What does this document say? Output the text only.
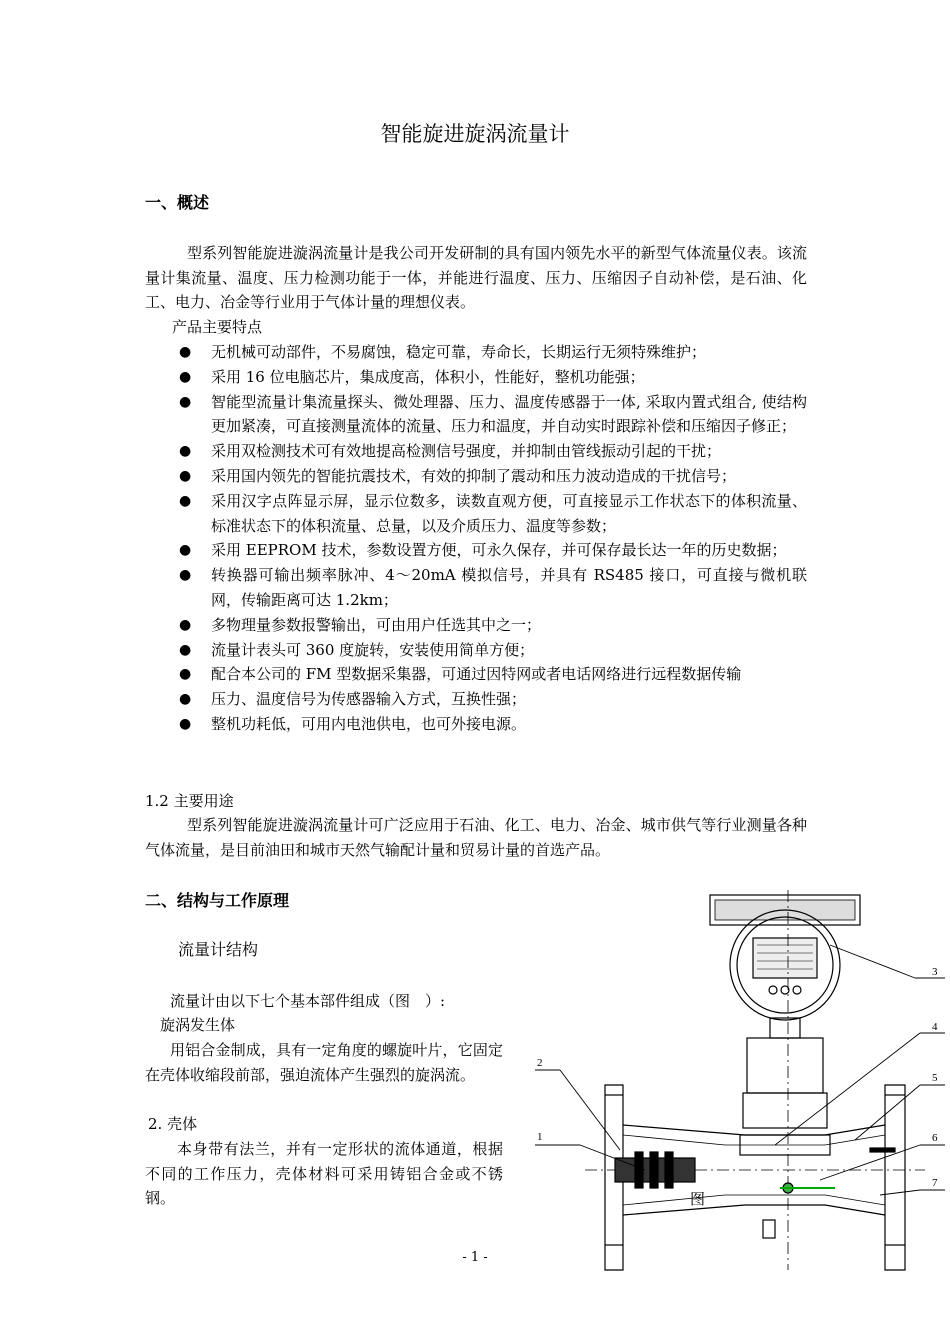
智能旋进旋涡流量计
一、概述

型系列智能旋进漩涡流量计是我公司开发研制的具有国内领先水平的新型气体流量仪表。该流量计集流量、温度、压力检测功能于一体，并能进行温度、压力、压缩因子自动补偿，是石油、化工、电力、冶金等行业用于气体计量的理想仪表。

产品主要特点
● 无机械可动部件，不易腐蚀，稳定可靠，寿命长，长期运行无须特殊维护；
● 采用 16 位电脑芯片，集成度高，体积小，性能好，整机功能强；
● 智能型流量计集流量探头、微处理器、压力、温度传感器于一体, 采取内置式组合, 使结构更加紧凑，可直接测量流体的流量、压力和温度，并自动实时跟踪补偿和压缩因子修正；
● 采用双检测技术可有效地提高检测信号强度，并抑制由管线振动引起的干扰；
● 采用国内领先的智能抗震技术，有效的抑制了震动和压力波动造成的干扰信号；
● 采用汉字点阵显示屏，显示位数多，读数直观方便，可直接显示工作状态下的体积流量、标准状态下的体积流量、总量，以及介质压力、温度等参数；
● 采用 EEPROM 技术，参数设置方便，可永久保存，并可保存最长达一年的历史数据；
● 转换器可输出频率脉冲、4～20mA 模拟信号，并具有 RS485 接口，可直接与微机联网，传输距离可达 1.2km；
● 多物理量参数报警输出，可由用户任选其中之一；
● 流量计表头可 360 度旋转，安装使用简单方便；
● 配合本公司的 FM 型数据采集器，可通过因特网或者电话网络进行远程数据传输
● 压力、温度信号为传感器输入方式，互换性强；
● 整机功耗低，可用内电池供电，也可外接电源。
1.2 主要用途

型系列智能旋进漩涡流量计可广泛应用于石油、化工、电力、冶金、城市供气等行业测量各种气体流量，是目前油田和城市天然气输配计量和贸易计量的首选产品。

二、结构与工作原理
流量计结构
流量计由以下七个基本部件组成（图　）:
旋涡发生体

用铝合金制成，具有一定角度的螺旋叶片，它固定在壳体收缩段前部，强迫流体产生强烈的旋涡流。

2. 壳体

本身带有法兰，并有一定形状的流体通道，根据不同的工作压力，壳体材料可采用铸铝合金或不锈钢。

1
2
3
4
5
6
7
图
- 1 -
